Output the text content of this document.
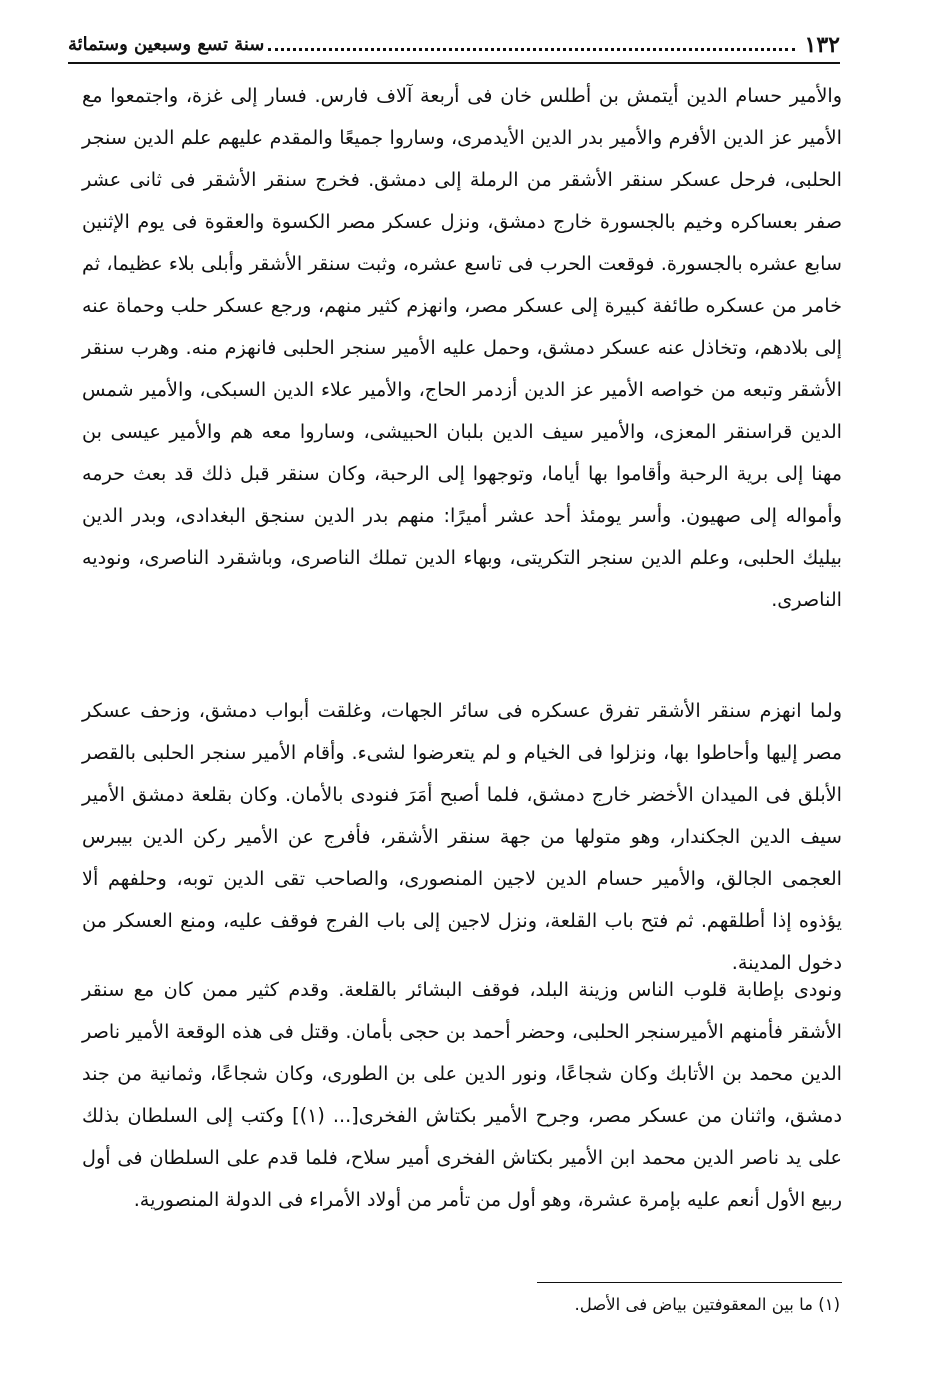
١٣٢
سنة تسع وسبعين وستمائة

والأمير حسام الدين أيتمش بن أطلس خان فى أربعة آلاف فارس. فسار إلى غزة، واجتمعوا مع الأمير عز الدين الأفرم والأمير بدر الدين الأيدمرى، وساروا جميعًا والمقدم عليهم علم الدين سنجر الحلبى، فرحل عسكر سنقر الأشقر من الرملة إلى دمشق. فخرج سنقر الأشقر فى ثانى عشر صفر بعساكره وخيم بالجسورة خارج دمشق، ونزل عسكر مصر الكسوة والعقوة فى يوم الإثنين سابع عشره بالجسورة. فوقعت الحرب فى تاسع عشره، وثبت سنقر الأشقر وأبلى بلاء عظيما، ثم خامر من عسكره طائفة كبيرة إلى عسكر مصر، وانهزم كثير منهم، ورجع عسكر حلب وحماة عنه إلى بلادهم، وتخاذل عنه عسكر دمشق، وحمل عليه الأمير سنجر الحلبى فانهزم منه. وهرب سنقر الأشقر وتبعه من خواصه الأمير عز الدين أزدمر الحاج، والأمير علاء الدين السبكى، والأمير شمس الدين قراسنقر المعزى، والأمير سيف الدين بلبان الحبيشى، وساروا معه هم والأمير عيسى بن مهنا إلى برية الرحبة وأقاموا بها أياما، وتوجهوا إلى الرحبة، وكان سنقر قبل ذلك قد بعث حرمه وأمواله إلى صهيون. وأسر يومئذ أحد عشر أميرًا: منهم بدر الدين سنجق البغدادى، وبدر الدين بيليك الحلبى، وعلم الدين سنجر التكريتى، وبهاء الدين تملك الناصرى، وباشقرد الناصرى، ونوديه الناصرى.

ولما انهزم سنقر الأشقر تفرق عسكره فى سائر الجهات، وغلقت أبواب دمشق، وزحف عسكر مصر إليها وأحاطوا بها، ونزلوا فى الخيام و لم يتعرضوا لشىء. وأقام الأمير سنجر الحلبى بالقصر الأبلق فى الميدان الأخضر خارج دمشق، فلما أصبح أمَرَ فنودى بالأمان. وكان بقلعة دمشق الأمير سيف الدين الجكندار، وهو متولها من جهة سنقر الأشقر، فأفرج عن الأمير ركن الدين بيبرس العجمى الجالق، والأمير حسام الدين لاجين المنصورى، والصاحب تقى الدين توبه، وحلفهم ألا يؤذوه إذا أطلقهم. ثم فتح باب القلعة، ونزل لاجين إلى باب الفرج فوقف عليه، ومنع العسكر من دخول المدينة.

ونودى بإطابة قلوب الناس وزينة البلد، فوقف البشائر بالقلعة. وقدم كثير ممن كان مع سنقر الأشقر فأمنهم الأميرسنجر الحلبى، وحضر أحمد بن حجى بأمان. وقتل فى هذه الوقعة الأمير ناصر الدين محمد بن الأتابك وكان شجاعًا، ونور الدين على بن الطورى، وكان شجاعًا، وثمانية من جند دمشق، واثنان من عسكر مصر، وجرح الأمير بكتاش الفخرى[... (١)] وكتب إلى السلطان بذلك على يد ناصر الدين محمد ابن الأمير بكتاش الفخرى أمير سلاح، فلما قدم على السلطان فى أول ربيع الأول أنعم عليه بإمرة عشرة، وهو أول من تأمر من أولاد الأمراء فى الدولة المنصورية.

(١) ما بين المعقوفتين بياض فى الأصل.
